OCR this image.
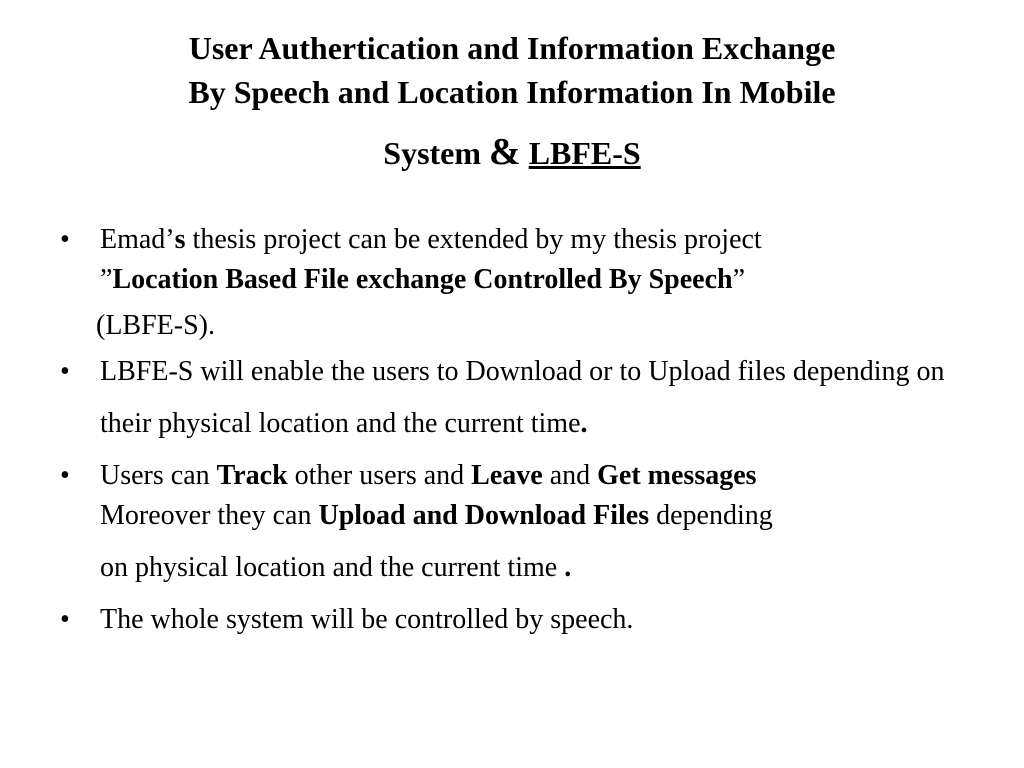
User Authertication and Information Exchange
By Speech and Location Information In Mobile
System & LBFE-S
• Emad’s thesis project can be extended by my thesis project
”Location Based File exchange Controlled By Speech”
(LBFE-S).
• LBFE-S will enable the users to Download or to Upload files depending on their physical location and the current time.
• Users can Track other users and Leave and Get messages
Moreover they can Upload and Download Files depending
on physical location and the current time .
• The whole system will be controlled by speech.
